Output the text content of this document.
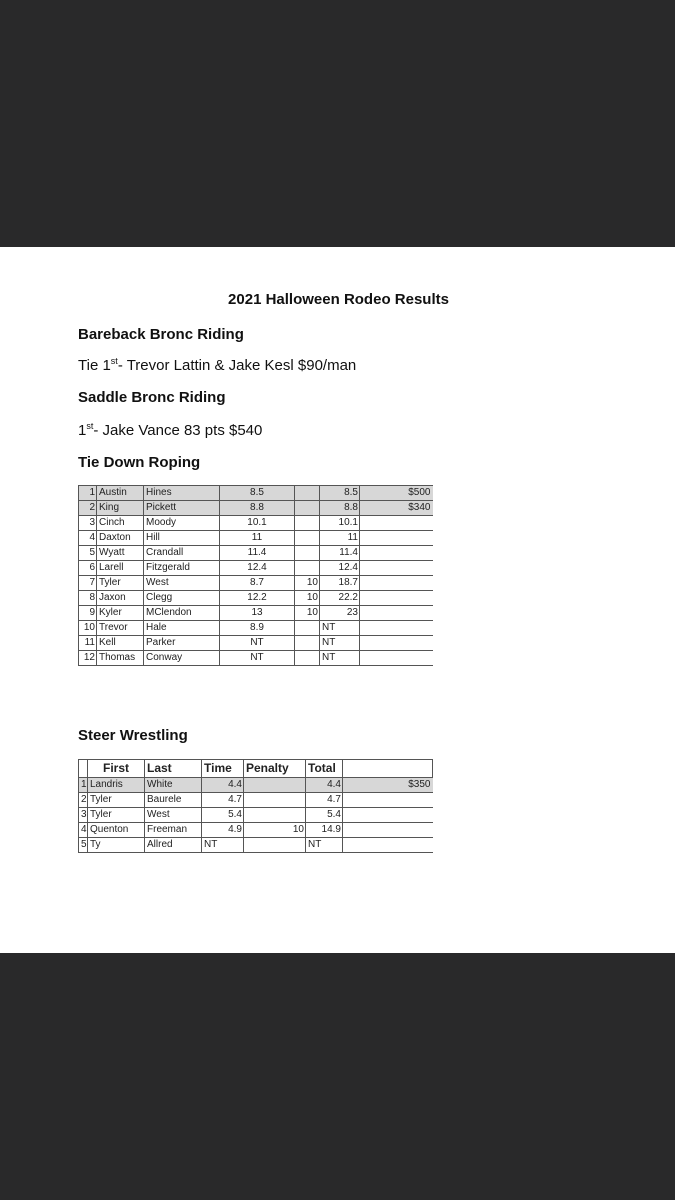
2021 Halloween Rodeo Results
Bareback Bronc Riding
Tie 1st- Trevor Lattin & Jake Kesl $90/man
Saddle Bronc Riding
1st- Jake Vance 83 pts $540
Tie Down Roping
1	Austin	Hines	8.5		8.5	$500
2	King	Pickett	8.8		8.8	$340
3	Cinch	Moody	10.1		10.1	
4	Daxton	Hill	11		11	
5	Wyatt	Crandall	11.4		11.4	
6	Larell	Fitzgerald	12.4		12.4	
7	Tyler	West	8.7	10	18.7	
8	Jaxon	Clegg	12.2	10	22.2	
9	Kyler	MClendon	13	10	23	
10	Trevor	Hale	8.9		NT	
11	Kell	Parker	NT		NT	
12	Thomas	Conway	NT		NT	
Steer Wrestling
	First	Last	Time	Penalty	Total	
1	Landris	White	4.4		4.4	$350
2	Tyler	Baurele	4.7		4.7	
3	Tyler	West	5.4		5.4	
4	Quenton	Freeman	4.9	10	14.9	
5	Ty	Allred	NT		NT	
